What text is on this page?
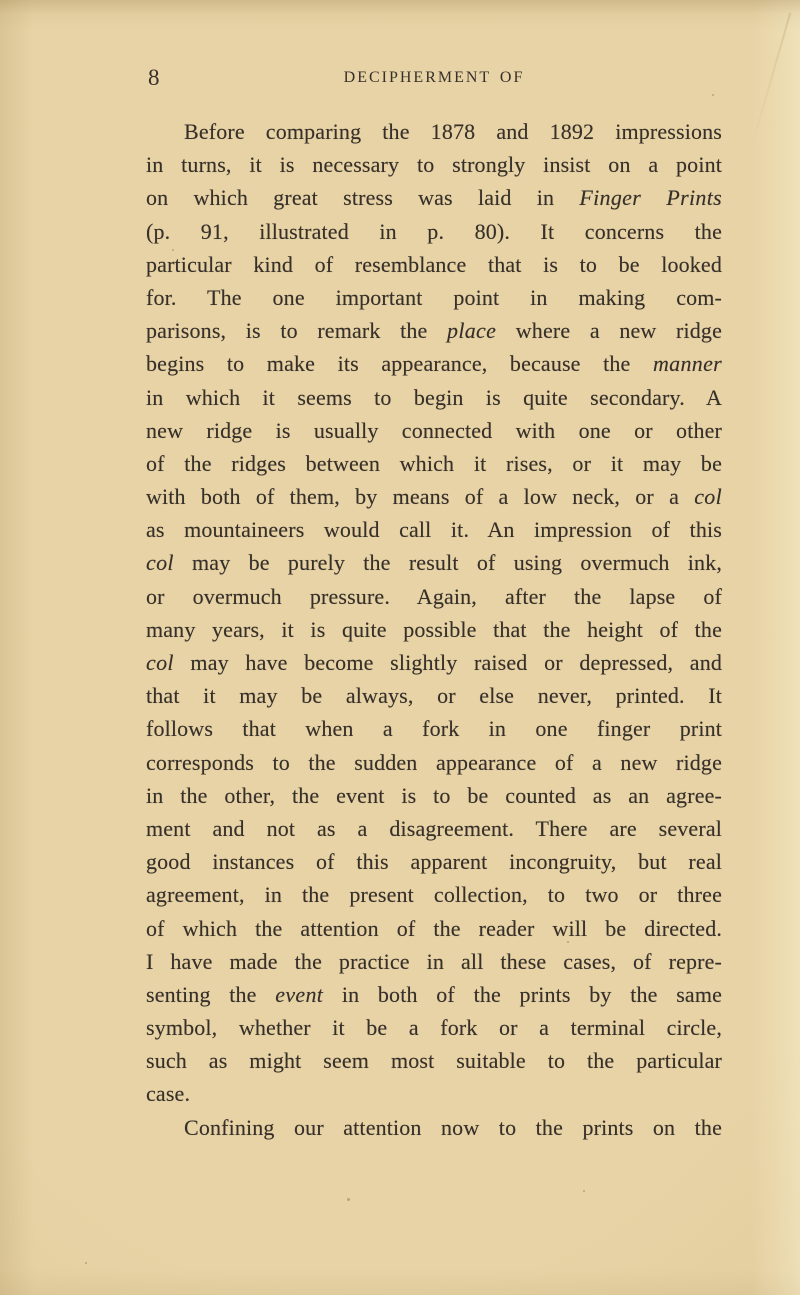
8	DECIPHERMENT OF
Before comparing the 1878 and 1892 impressions
in turns, it is necessary to strongly insist on a point
on which great stress was laid in Finger Prints
(p. 91, illustrated in p. 80). It concerns the
particular kind of resemblance that is to be looked
for. The one important point in making com-
parisons, is to remark the place where a new ridge
begins to make its appearance, because the manner
in which it seems to begin is quite secondary. A
new ridge is usually connected with one or other
of the ridges between which it rises, or it may be
with both of them, by means of a low neck, or a col
as mountaineers would call it. An impression of this
col may be purely the result of using overmuch ink,
or overmuch pressure. Again, after the lapse of
many years, it is quite possible that the height of the
col may have become slightly raised or depressed, and
that it may be always, or else never, printed. It
follows that when a fork in one finger print
corresponds to the sudden appearance of a new ridge
in the other, the event is to be counted as an agree-
ment and not as a disagreement. There are several
good instances of this apparent incongruity, but real
agreement, in the present collection, to two or three
of which the attention of the reader will be directed.
I have made the practice in all these cases, of repre-
senting the event in both of the prints by the same
symbol, whether it be a fork or a terminal circle,
such as might seem most suitable to the particular
case.
Confining our attention now to the prints on the
